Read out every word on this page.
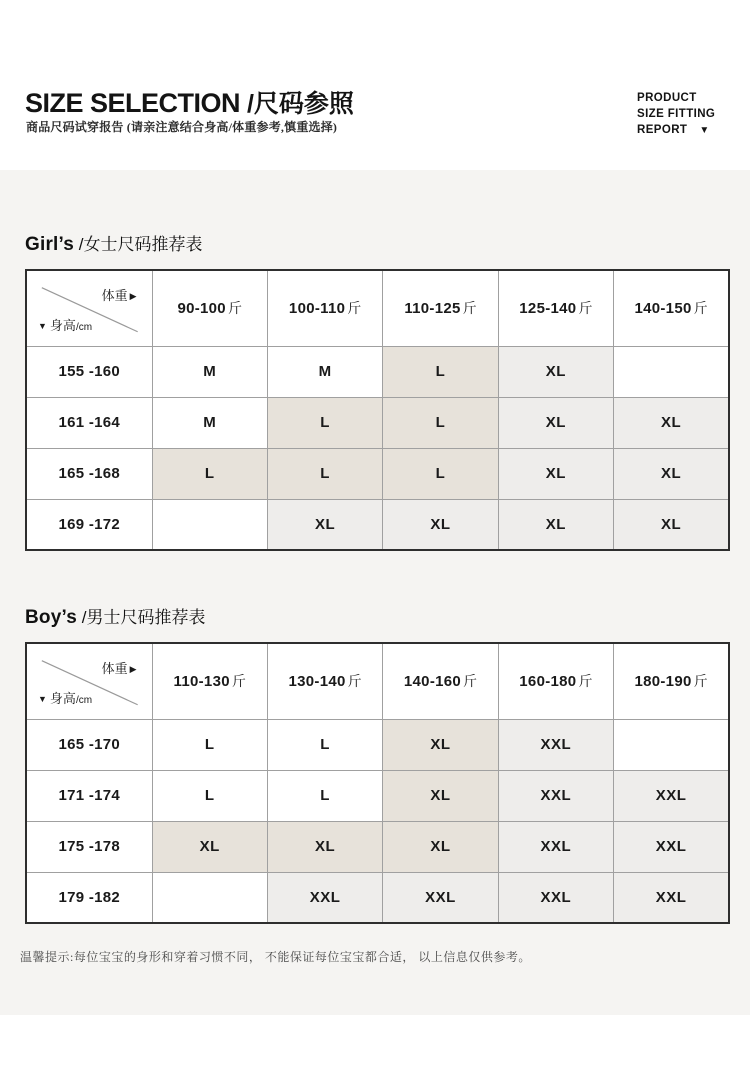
SIZE SELECTION /尺码参照
商品尺码试穿报告 (请亲注意结合身高/体重参考,慎重选择)
PRODUCT
SIZE FITTING
REPORT ▼
Girl’s /女士尺码推荐表
体重 ▶
▼ 身高/cm	90-100 斤	100-110 斤	110-125 斤	125-140 斤	140-150 斤
155 -160	M	M	L	XL	
161 -164	M	L	L	XL	XL
165 -168	L	L	L	XL	XL
169 -172		XL	XL	XL	XL
Boy’s /男士尺码推荐表
体重 ▶
▼ 身高/cm	110-130 斤	130-140 斤	140-160 斤	160-180 斤	180-190 斤
165 -170	L	L	XL	XXL	
171 -174	L	L	XL	XXL	XXL
175 -178	XL	XL	XL	XXL	XXL
179 -182		XXL	XXL	XXL	XXL

温馨提示:每位宝宝的身形和穿着习惯不同， 不能保证每位宝宝都合适， 以上信息仅供参考。
